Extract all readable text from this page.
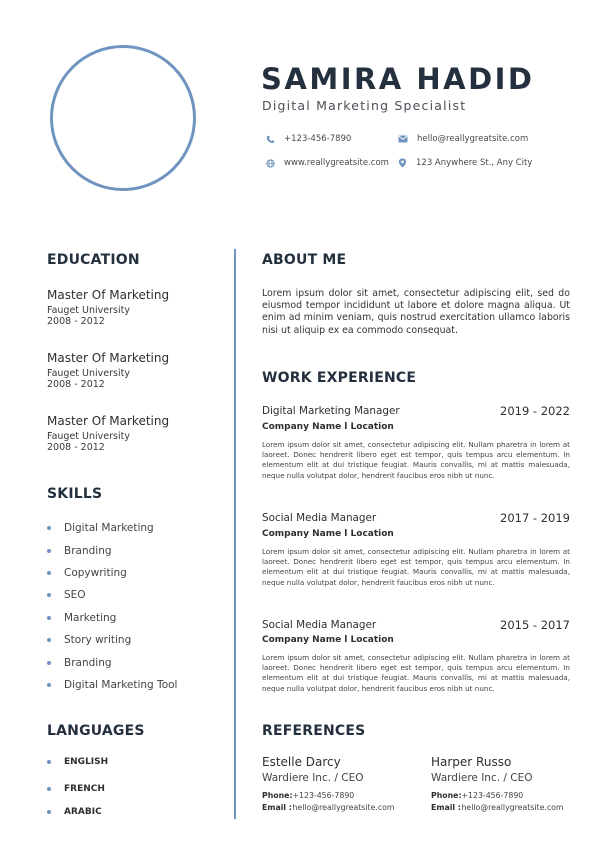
SAMIRA HADID
Digital Marketing Specialist
+123-456-7890	hello@reallygreatsite.com
www.reallygreatsite.com	123 Anywhere St., Any City
EDUCATION
Master Of Marketing
Fauget University
2008 - 2012
Master Of Marketing
Fauget University
2008 - 2012
Master Of Marketing
Fauget University
2008 - 2012
SKILLS
Digital Marketing
Branding
Copywriting
SEO
Marketing
Story writing
Branding
Digital Marketing Tool
LANGUAGES
ENGLISH
FRENCH
ARABIC
ABOUT ME
Lorem ipsum dolor sit amet, consectetur adipiscing elit, sed do eiusmod tempor incididunt ut labore et dolore magna aliqua. Ut enim ad minim veniam, quis nostrud exercitation ullamco laboris nisi ut aliquip ex ea commodo consequat.
WORK EXPERIENCE
Digital Marketing Manager	2019 - 2022
Company Name l Location
Lorem ipsum dolor sit amet, consectetur adipiscing elit. Nullam pharetra in lorem at laoreet. Donec hendrerit libero eget est tempor, quis tempus arcu elementum. In elementum elit at dui tristique feugiat. Mauris convallis, mi at mattis malesuada, neque nulla volutpat dolor, hendrerit faucibus eros nibh ut nunc.
Social Media Manager	2017 - 2019
Company Name l Location
Lorem ipsum dolor sit amet, consectetur adipiscing elit. Nullam pharetra in lorem at laoreet. Donec hendrerit libero eget est tempor, quis tempus arcu elementum. In elementum elit at dui tristique feugiat. Mauris convallis, mi at mattis malesuada, neque nulla volutpat dolor, hendrerit faucibus eros nibh ut nunc.
Social Media Manager	2015 - 2017
Company Name l Location
Lorem ipsum dolor sit amet, consectetur adipiscing elit. Nullam pharetra in lorem at laoreet. Donec hendrerit libero eget est tempor, quis tempus arcu elementum. In elementum elit at dui tristique feugiat. Mauris convallis, mi at mattis malesuada, neque nulla volutpat dolor, hendrerit faucibus eros nibh ut nunc.
REFERENCES
Estelle Darcy
Wardiere Inc. / CEO
Phone: +123-456-7890
Email : hello@reallygreatsite.com
Harper Russo
Wardiere Inc. / CEO
Phone: +123-456-7890
Email : hello@reallygreatsite.com
